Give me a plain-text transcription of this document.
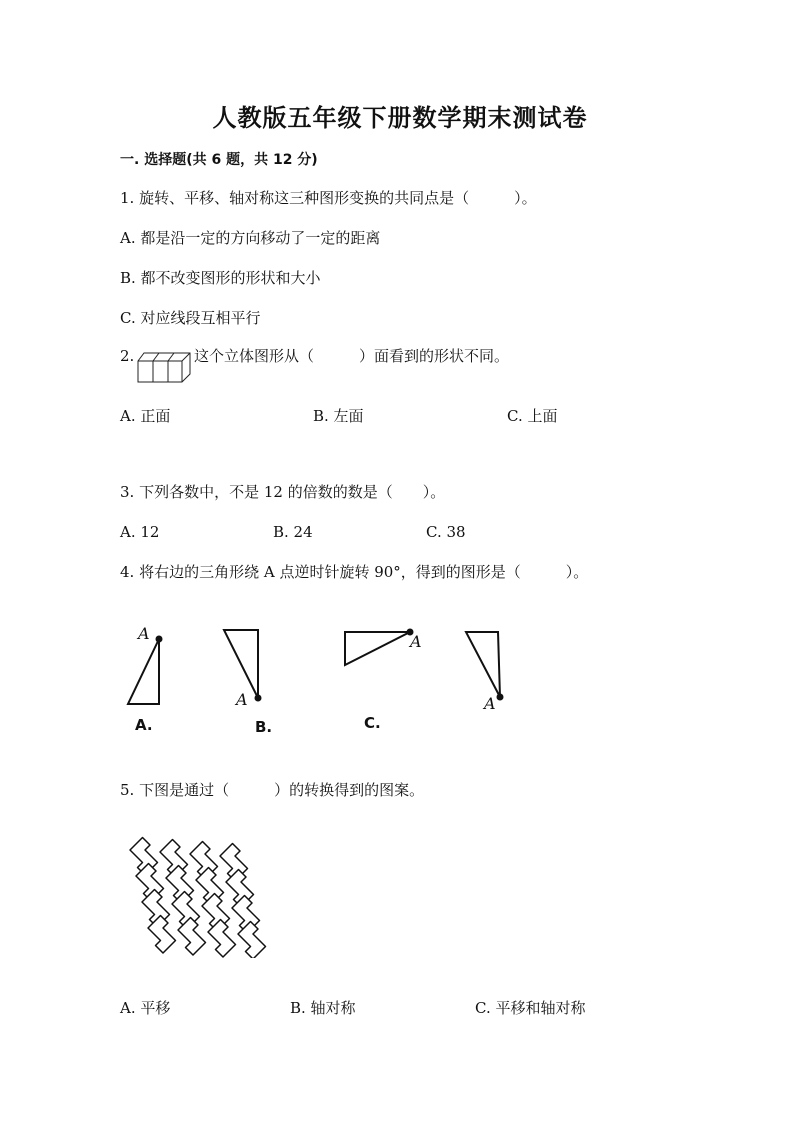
人教版五年级下册数学期末测试卷
一. 选择题(共 6 题，共 12 分)
1. 旋转、平移、轴对称这三种图形变换的共同点是（　　　）。
A. 都是沿一定的方向移动了一定的距离
B. 都不改变图形的形状和大小
C. 对应线段互相平行
2.	这个立体图形从（　　　）面看到的形状不同。
A. 正面	B. 左面	C. 上面
3. 下列各数中，不是 12 的倍数的数是（　　）。
A. 12	B. 24	C. 38
4. 将右边的三角形绕 A 点逆时针旋转 90°，得到的图形是（　　　）。
A
A
A
A
A.	B.	C.
5. 下图是通过（　　　）的转换得到的图案。
A. 平移	B. 轴对称	C. 平移和轴对称
